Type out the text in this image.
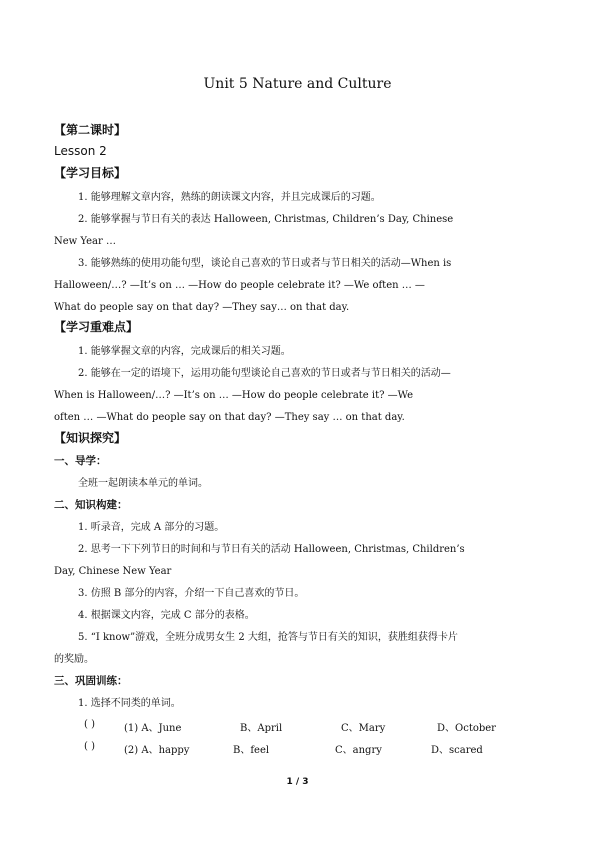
Unit 5 Nature and Culture
【第二课时】
Lesson 2
【学习目标】
1. 能够理解文章内容，熟练的朗读课文内容，并且完成课后的习题。
2. 能够掌握与节日有关的表达 Halloween, Christmas, Children’s Day, Chinese
New Year …
3. 能够熟练的使用功能句型，谈论自己喜欢的节日或者与节日相关的活动—When is
Halloween/…? —It’s on … —How do people celebrate it? —We often … —
What do people say on that day? —They say… on that day.
【学习重难点】
1. 能够掌握文章的内容，完成课后的相关习题。
2. 能够在一定的语境下，运用功能句型谈论自己喜欢的节日或者与节日相关的活动—
When is Halloween/…? —It’s on … —How do people celebrate it? —We
often … —What do people say on that day? —They say … on that day.
【知识探究】
一、导学：
全班一起朗读本单元的单词。
二、知识构建：
1. 听录音，完成 A 部分的习题。
2. 思考一下下列节日的时间和与节日有关的活动 Halloween, Christmas, Children’s
Day, Chinese New Year
3. 仿照 B 部分的内容，介绍一下自己喜欢的节日。
4. 根据课文内容，完成 C 部分的表格。
5. “I know”游戏，全班分成男女生 2 大组，抢答与节日有关的知识，获胜组获得卡片
的奖励。
三、巩固训练：
1. 选择不同类的单词。
( )	(1) A、June	B、April	C、Mary	D、October
( )	(2) A、happy	B、feel	C、angry	D、scared
1 / 3
